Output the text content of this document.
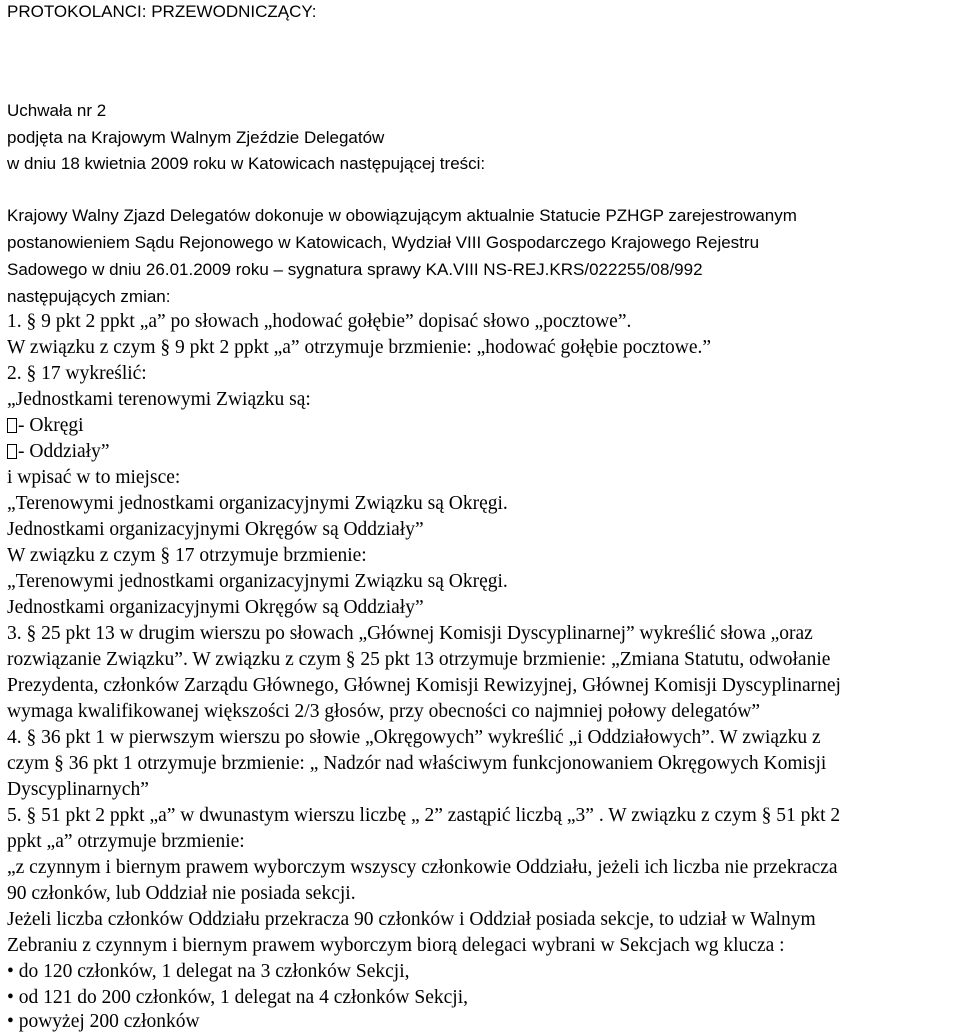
PROTOKOLANCI: PRZEWODNICZĄCY:
Uchwała nr 2
podjęta na Krajowym Walnym Zjeździe Delegatów
w dniu 18 kwietnia 2009 roku w Katowicach następującej treści:
Krajowy Walny Zjazd Delegatów dokonuje w obowiązującym aktualnie Statucie PZHGP zarejestrowanym
postanowieniem Sądu Rejonowego w Katowicach, Wydział VIII Gospodarczego Krajowego Rejestru
Sadowego w dniu 26.01.2009 roku – sygnatura sprawy KA.VIII NS-REJ.KRS/022255/08/992
następujących zmian:
1. § 9 pkt 2 ppkt „a” po słowach „hodować gołębie” dopisać słowo „pocztowe”.
W związku z czym § 9 pkt 2 ppkt „a” otrzymuje brzmienie: „hodować gołębie pocztowe.”
2. § 17 wykreślić:
„Jednostkami terenowymi Związku są:
- Okręgi
- Oddziały”
i wpisać w to miejsce:
„Terenowymi jednostkami organizacyjnymi Związku są Okręgi.
Jednostkami organizacyjnymi Okręgów są Oddziały”
W związku z czym § 17 otrzymuje brzmienie:
„Terenowymi jednostkami organizacyjnymi Związku są Okręgi.
Jednostkami organizacyjnymi Okręgów są Oddziały”
3. § 25 pkt 13 w drugim wierszu po słowach „Głównej Komisji Dyscyplinarnej” wykreślić słowa „oraz
rozwiązanie Związku”. W związku z czym § 25 pkt 13 otrzymuje brzmienie: „Zmiana Statutu, odwołanie
Prezydenta, członków Zarządu Głównego, Głównej Komisji Rewizyjnej, Głównej Komisji Dyscyplinarnej
wymaga kwalifikowanej większości 2/3 głosów, przy obecności co najmniej połowy delegatów”
4. § 36 pkt 1 w pierwszym wierszu po słowie „Okręgowych” wykreślić „i Oddziałowych”. W związku z
czym § 36 pkt 1 otrzymuje brzmienie: „ Nadzór nad właściwym funkcjonowaniem Okręgowych Komisji
Dyscyplinarnych”
5. § 51 pkt 2 ppkt „a” w dwunastym wierszu liczbę „ 2” zastąpić liczbą „3” . W związku z czym § 51 pkt 2
ppkt „a” otrzymuje brzmienie:
„z czynnym i biernym prawem wyborczym wszyscy członkowie Oddziału, jeżeli ich liczba nie przekracza
90 członków, lub Oddział nie posiada sekcji.
Jeżeli liczba członków Oddziału przekracza 90 członków i Oddział posiada sekcje, to udział w Walnym
Zebraniu z czynnym i biernym prawem wyborczym biorą delegaci wybrani w Sekcjach wg klucza :
• do 120 członków, 1 delegat na 3 członków Sekcji,
• od 121 do 200 członków, 1 delegat na 4 członków Sekcji,
• powyżej 200 członków
